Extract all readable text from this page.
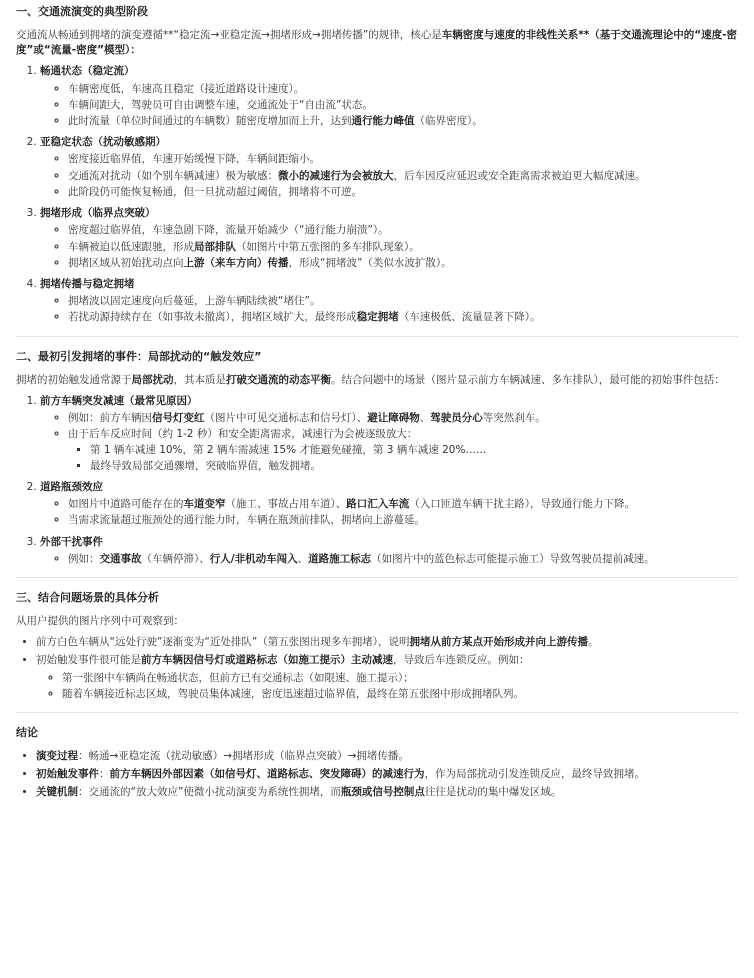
一、交通流演变的典型阶段

交通流从畅通到拥堵的演变遵循**“稳定流→亚稳定流→拥堵形成→拥堵传播”的规律，核心是车辆密度与速度的非线性关系**（基于交通流理论中的“速度-密度”或“流量-密度”模型）：

1. 畅通状态（稳定流）
◦ 车辆密度低，车速高且稳定（接近道路设计速度）。
◦ 车辆间距大，驾驶员可自由调整车速，交通流处于“自由流”状态。
◦ 此时流量（单位时间通过的车辆数）随密度增加而上升，达到通行能力峰值（临界密度）。
2. 亚稳定状态（扰动敏感期）
◦ 密度接近临界值，车速开始缓慢下降，车辆间距缩小。
◦ 交通流对扰动（如个别车辆减速）极为敏感：微小的减速行为会被放大，后车因反应延迟或安全距离需求被迫更大幅度减速。
◦ 此阶段仍可能恢复畅通，但一旦扰动超过阈值，拥堵将不可逆。
3. 拥堵形成（临界点突破）
◦ 密度超过临界值，车速急剧下降，流量开始减少（“通行能力崩溃”）。
◦ 车辆被迫以低速跟驰，形成局部排队（如图片中第五张图的多车排队现象）。
◦ 拥堵区域从初始扰动点向上游（来车方向）传播，形成“拥堵波”（类似水波扩散）。
4. 拥堵传播与稳定拥堵
◦ 拥堵波以固定速度向后蔓延，上游车辆陆续被“堵住”。
◦ 若扰动源持续存在（如事故未撤离），拥堵区域扩大，最终形成稳定拥堵（车速极低、流量显著下降）。
二、最初引发拥堵的事件：局部扰动的“触发效应”

拥堵的初始触发通常源于局部扰动，其本质是打破交通流的动态平衡。结合问题中的场景（图片显示前方车辆减速、多车排队），最可能的初始事件包括：

1. 前方车辆突发减速（最常见原因）
◦ 例如：前方车辆因信号灯变红（图片中可见交通标志和信号灯）、避让障碍物、驾驶员分心等突然刹车。
◦ 由于后车反应时间（约 1-2 秒）和安全距离需求，减速行为会被逐级放大：
▪ 第 1 辆车减速 10%，第 2 辆车需减速 15% 才能避免碰撞，第 3 辆车减速 20%……
▪ 最终导致局部交通骤增，突破临界值，触发拥堵。
2. 道路瓶颈效应
◦ 如图片中道路可能存在的车道变窄（施工、事故占用车道）、路口汇入车流（入口匝道车辆干扰主路），导致通行能力下降。
◦ 当需求流量超过瓶颈处的通行能力时，车辆在瓶颈前排队，拥堵向上游蔓延。
3. 外部干扰事件
◦ 例如：交通事故（车辆停滞）、行人/非机动车闯入、道路施工标志（如图片中的蓝色标志可能提示施工）导致驾驶员提前减速。
三、结合问题场景的具体分析

从用户提供的图片序列中可观察到：

• 前方白色车辆从“远处行驶”逐渐变为“近处排队”（第五张图出现多车拥堵），说明拥堵从前方某点开始形成并向上游传播。
• 初始触发事件很可能是前方车辆因信号灯或道路标志（如施工提示）主动减速，导致后车连锁反应。例如：
◦ 第一张图中车辆尚在畅通状态，但前方已有交通标志（如限速、施工提示）；
◦ 随着车辆接近标志区域，驾驶员集体减速，密度迅速超过临界值，最终在第五张图中形成拥堵队列。
结论
• 演变过程：畅通→亚稳定流（扰动敏感）→拥堵形成（临界点突破）→拥堵传播。
• 初始触发事件：前方车辆因外部因素（如信号灯、道路标志、突发障碍）的减速行为，作为局部扰动引发连锁反应，最终导致拥堵。
• 关键机制：交通流的“放大效应”使微小扰动演变为系统性拥堵，而瓶颈或信号控制点往往是扰动的集中爆发区域。
